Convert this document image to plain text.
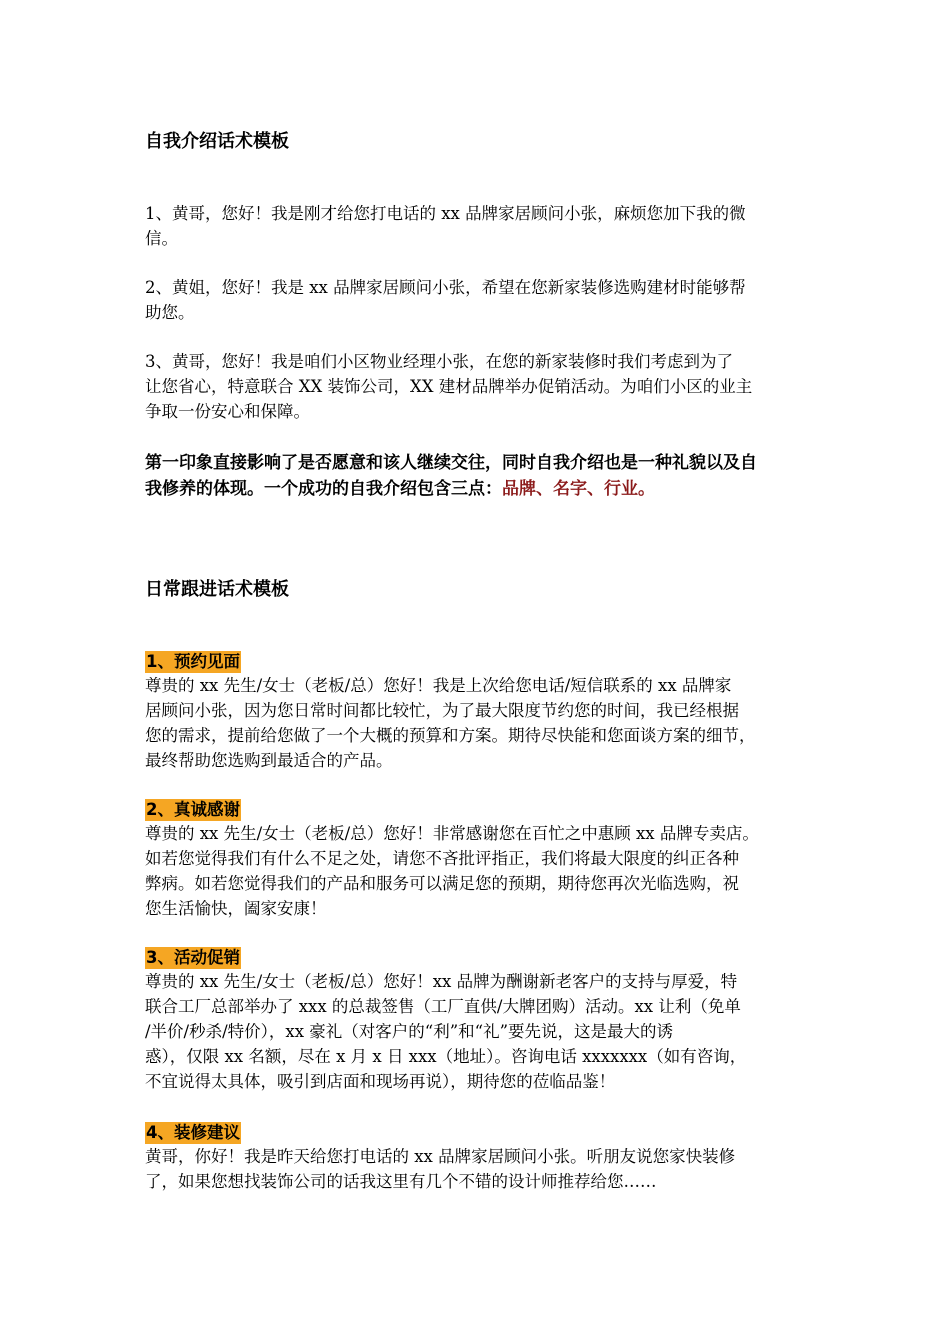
自我介绍话术模板

1、黄哥，您好！我是刚才给您打电话的 xx 品牌家居顾问小张，麻烦您加下我的微
信。

2、黄姐，您好！我是 xx 品牌家居顾问小张，希望在您新家装修选购建材时能够帮
助您。

3、黄哥，您好！我是咱们小区物业经理小张，在您的新家装修时我们考虑到为了
让您省心，特意联合 XX 装饰公司，XX 建材品牌举办促销活动。为咱们小区的业主
争取一份安心和保障。

第一印象直接影响了是否愿意和该人继续交往，同时自我介绍也是一种礼貌以及自
我修养的体现。一个成功的自我介绍包含三点：品牌、名字、行业。
日常跟进话术模板
1、预约见面

尊贵的 xx 先生/女士（老板/总）您好！我是上次给您电话/短信联系的 xx 品牌家
居顾问小张，因为您日常时间都比较忙，为了最大限度节约您的时间，我已经根据
您的需求，提前给您做了一个大概的预算和方案。期待尽快能和您面谈方案的细节，
最终帮助您选购到最适合的产品。

2、真诚感谢

尊贵的 xx 先生/女士（老板/总）您好！非常感谢您在百忙之中惠顾 xx 品牌专卖店。
如若您觉得我们有什么不足之处，请您不吝批评指正，我们将最大限度的纠正各种
弊病。如若您觉得我们的产品和服务可以满足您的预期，期待您再次光临选购，祝
您生活愉快，阖家安康！

3、活动促销

尊贵的 xx 先生/女士（老板/总）您好！xx 品牌为酬谢新老客户的支持与厚爱，特
联合工厂总部举办了 xxx 的总裁签售（工厂直供/大牌团购）活动。xx 让利（免单
/半价/秒杀/特价），xx 豪礼（对客户的“利”和“礼”要先说，这是最大的诱
惑），仅限 xx 名额，尽在 x 月 x 日 xxx（地址）。咨询电话 xxxxxxx（如有咨询，
不宜说得太具体，吸引到店面和现场再说），期待您的莅临品鉴！

4、装修建议

黄哥，你好！我是昨天给您打电话的 xx 品牌家居顾问小张。听朋友说您家快装修
了，如果您想找装饰公司的话我这里有几个不错的设计师推荐给您……
